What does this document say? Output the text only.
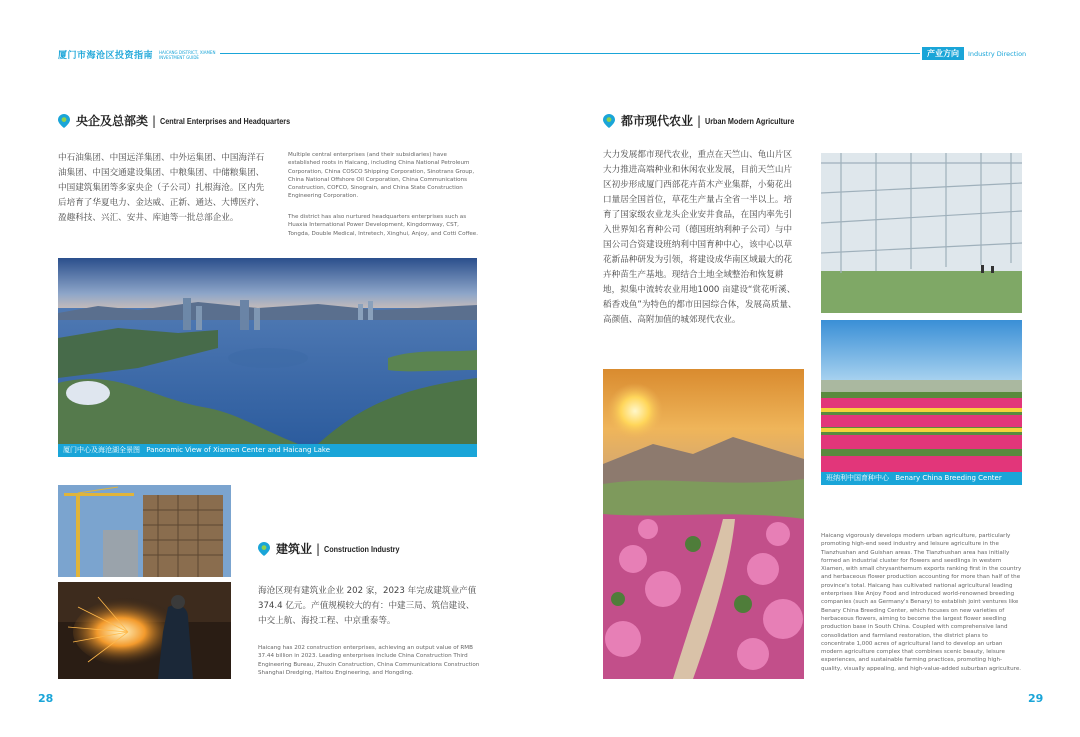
厦门市海沧区投资指南 HAICANG DISTRICT, XIAMEN INVESTMENT GUIDE	产业方向	Industry Direction
央企及总部类 | Central Enterprises and Headquarters
中石油集团、中国远洋集团、中外运集团、中国海洋石油集团、中国交通建设集团、中粮集团、中储粮集团、中国建筑集团等多家央企（子公司）扎根海沧。区内先后培育了华夏电力、金达威、正新、通达、大博医疗、盈趣科技、兴汇、安井、库迪等一批总部企业。
Multiple central enterprises (and their subsidiaries) have established roots in Haicang, including China National Petroleum Corporation, China COSCO Shipping Corporation, Sinotrans Group, China National Offshore Oil Corporation, China Communications Construction, COFCO, Sinograin, and China State Construction Engineering Corporation.
The district has also nurtured headquarters enterprises such as Huaxia International Power Development, Kingdomway, CST, Tongda, Double Medical, Intretech, Xinghui, Anjoy, and Cotti Coffee.
厦门中心及海沧湖全景图 Panoramic View of Xiamen Center and Haicang Lake
建筑业 | Construction Industry
海沧区现有建筑业企业 202 家，2023 年完成建筑业产值 374.4 亿元。产值规模较大的有：中建三局、筑信建设、中交上航、海投工程、中京重泰等。
Haicang has 202 construction enterprises, achieving an output value of RMB 37.44 billion in 2023. Leading enterprises include China Construction Third Engineering Bureau, Zhuxin Construction, China Communications Construction Shanghai Dredging, Haitou Engineering, and Hongding.
28
都市现代农业 | Urban Modern Agriculture
大力发展都市现代农业，重点在天竺山、龟山片区大力推进高端种业和休闲农业发展，目前天竺山片区初步形成厦门西部花卉苗木产业集群，小菊花出口量居全国首位，草花生产量占全省一半以上。培育了国家级农业龙头企业安井食品，在国内率先引入世界知名育种公司（德国班纳利种子公司）与中国公司合资建设班纳利中国育种中心，该中心以草花新品种研发为引领，将建设成华南区域最大的花卉种苗生产基地。现结合土地全域整治和恢复耕地，拟集中流转农业用地1000 亩建设“赏花听溪、稻香戏鱼”为特色的都市田园综合体，发展高质量、高颜值、高附加值的城郊现代农业。
班纳利中国育种中心 Benary China Breeding Center
Haicang vigorously develops modern urban agriculture, particularly promoting high-end seed industry and leisure agriculture in the Tianzhushan and Guishan areas. The Tianzhushan area has initially formed an industrial cluster for flowers and seedlings in western Xiamen, with small chrysanthemum exports ranking first in the country and herbaceous flower production accounting for more than half of the province's total. Haicang has cultivated national agricultural leading enterprises like Anjoy Food and introduced world-renowned breeding companies (such as Germany's Benary) to establish joint ventures like Benary China Breeding Center, which focuses on new varieties of herbaceous flowers, aiming to become the largest flower seedling production base in South China. Coupled with comprehensive land consolidation and farmland restoration, the district plans to concentrate 1,000 acres of agricultural land to develop an urban modern agriculture complex that combines scenic beauty, leisure experiences, and sustainable farming practices, promoting high-quality, visually appealing, and high-value-added suburban agriculture.
29
